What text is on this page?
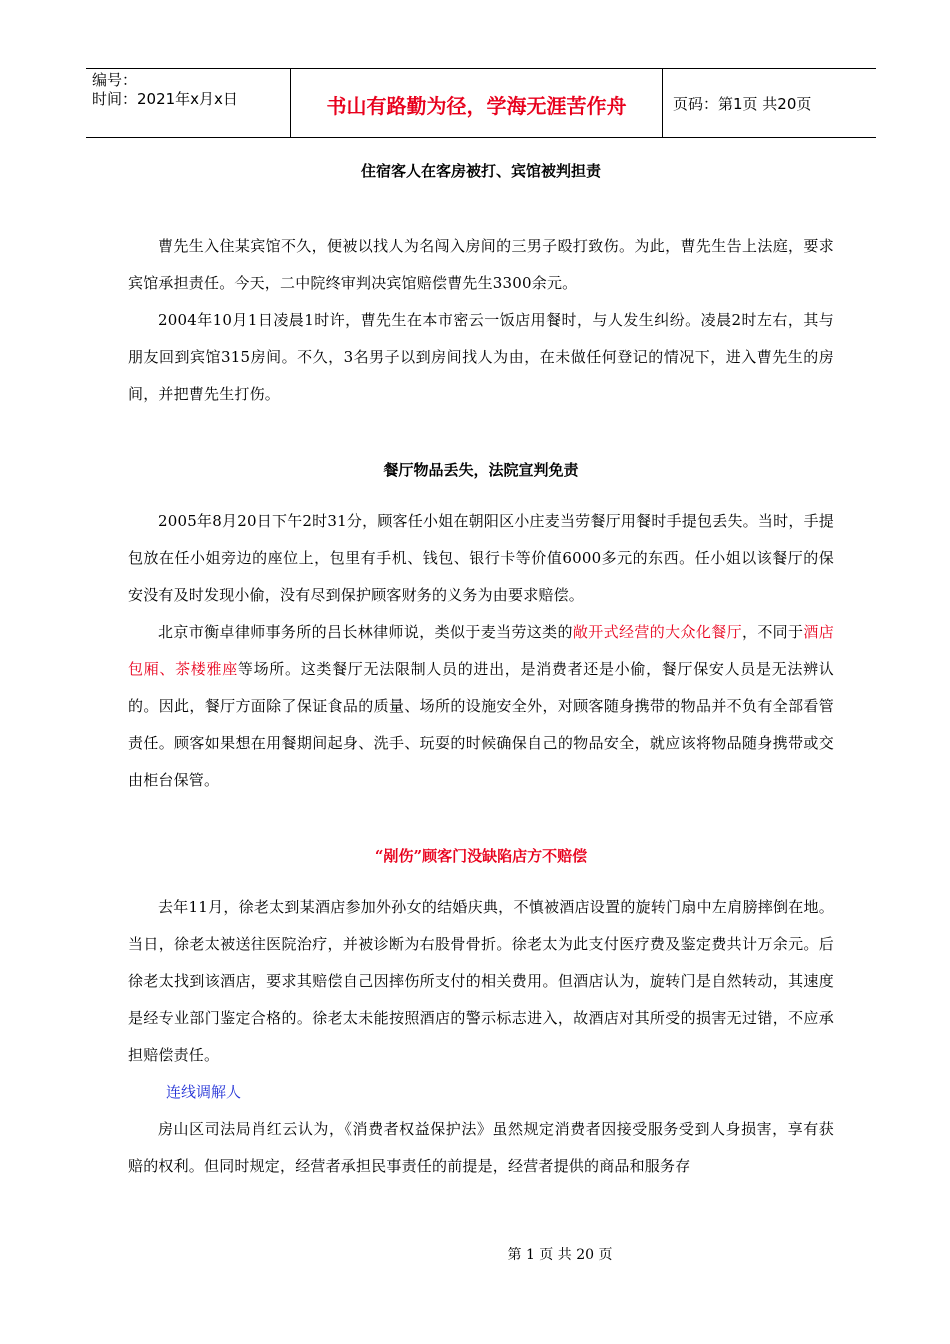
编号：
时间：2021年x月x日	书山有路勤为径，学海无涯苦作舟	页码：第1页 共20页
住宿客人在客房被打、宾馆被判担责

曹先生入住某宾馆不久，便被以找人为名闯入房间的三男子殴打致伤。为此，曹先生告上法庭，要求宾馆承担责任。今天，二中院终审判决宾馆赔偿曹先生3300余元。

2004年10月1日凌晨1时许，曹先生在本市密云一饭店用餐时，与人发生纠纷。凌晨2时左右，其与朋友回到宾馆315房间。不久，3名男子以到房间找人为由，在未做任何登记的情况下，进入曹先生的房间，并把曹先生打伤。

餐厅物品丢失，法院宣判免责

2005年8月20日下午2时31分，顾客任小姐在朝阳区小庄麦当劳餐厅用餐时手提包丢失。当时，手提包放在任小姐旁边的座位上，包里有手机、钱包、银行卡等价值6000多元的东西。任小姐以该餐厅的保安没有及时发现小偷，没有尽到保护顾客财务的义务为由要求赔偿。

北京市衡卓律师事务所的吕长林律师说，类似于麦当劳这类的敞开式经营的大众化餐厅，不同于酒店包厢、茶楼雅座等场所。这类餐厅无法限制人员的进出，是消费者还是小偷，餐厅保安人员是无法辨认的。因此，餐厅方面除了保证食品的质量、场所的设施安全外，对顾客随身携带的物品并不负有全部看管责任。顾客如果想在用餐期间起身、洗手、玩耍的时候确保自己的物品安全，就应该将物品随身携带或交由柜台保管。

“剐伤”顾客门没缺陷店方不赔偿

去年11月，徐老太到某酒店参加外孙女的结婚庆典，不慎被酒店设置的旋转门扇中左肩膀摔倒在地。当日，徐老太被送往医院治疗，并被诊断为右股骨骨折。徐老太为此支付医疗费及鉴定费共计万余元。后徐老太找到该酒店，要求其赔偿自己因摔伤所支付的相关费用。但酒店认为，旋转门是自然转动，其速度是经专业部门鉴定合格的。徐老太未能按照酒店的警示标志进入，故酒店对其所受的损害无过错，不应承担赔偿责任。

连线调解人

房山区司法局肖红云认为，《消费者权益保护法》虽然规定消费者因接受服务受到人身损害，享有获赔的权利。但同时规定，经营者承担民事责任的前提是，经营者提供的商品和服务存

第 1 页 共 20 页
